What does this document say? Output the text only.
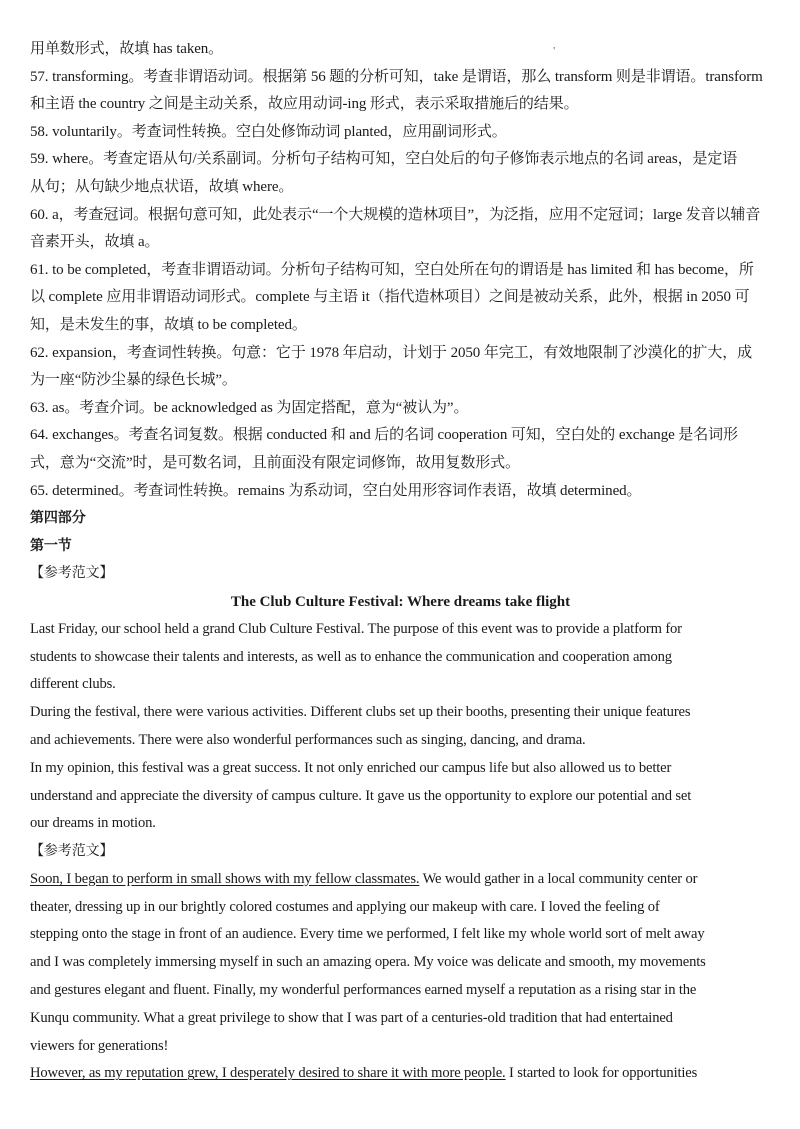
用单数形式，故填 has taken。
57. transforming。考查非谓语动词。根据第 56 题的分析可知，take 是谓语，那么 transform 则是非谓语。transform
和主语 the country 之间是主动关系，故应用动词-ing 形式，表示采取措施后的结果。
58. voluntarily。考查词性转换。空白处修饰动词 planted，应用副词形式。
59. where。考查定语从句/关系副词。分析句子结构可知，空白处后的句子修饰表示地点的名词 areas，是定语
从句；从句缺少地点状语，故填 where。
60. a，考查冠词。根据句意可知，此处表示“一个大规模的造林项目”，为泛指，应用不定冠词；large 发音以辅音
音素开头，故填 a。
61. to be completed，考查非谓语动词。分析句子结构可知，空白处所在句的谓语是 has limited 和 has become，所
以 complete 应用非谓语动词形式。complete 与主语 it（指代造林项目）之间是被动关系，此外，根据 in 2050 可
知，是未发生的事，故填 to be completed。
62. expansion，考查词性转换。句意：它于 1978 年启动，计划于 2050 年完工，有效地限制了沙漠化的扩大，成
为一座“防沙尘暴的绿色长城”。
63. as。考查介词。be acknowledged as 为固定搭配，意为“被认为”。
64. exchanges。考查名词复数。根据 conducted 和 and 后的名词 cooperation 可知，空白处的 exchange 是名词形
式，意为“交流”时，是可数名词，且前面没有限定词修饰，故用复数形式。
65. determined。考查词性转换。remains 为系动词，空白处用形容词作表语，故填 determined。
第四部分
第一节
【参考范文】
The Club Culture Festival: Where dreams take flight
Last Friday, our school held a grand Club Culture Festival. The purpose of this event was to provide a platform for
students to showcase their talents and interests, as well as to enhance the communication and cooperation among
different clubs.
During the festival, there were various activities. Different clubs set up their booths, presenting their unique features
and achievements. There were also wonderful performances such as singing, dancing, and drama.
In my opinion, this festival was a great success. It not only enriched our campus life but also allowed us to better
understand and appreciate the diversity of campus culture. It gave us the opportunity to explore our potential and set
our dreams in motion.
【参考范文】
Soon, I began to perform in small shows with my fellow classmates. We would gather in a local community center or
theater, dressing up in our brightly colored costumes and applying our makeup with care. I loved the feeling of
stepping onto the stage in front of an audience. Every time we performed, I felt like my whole world sort of melt away
and I was completely immersing myself in such an amazing opera. My voice was delicate and smooth, my movements
and gestures elegant and fluent. Finally, my wonderful performances earned myself a reputation as a rising star in the
Kunqu community. What a great privilege to show that I was part of a centuries-old tradition that had entertained
viewers for generations!
However, as my reputation grew, I desperately desired to share it with more people. I started to look for opportunities
'
